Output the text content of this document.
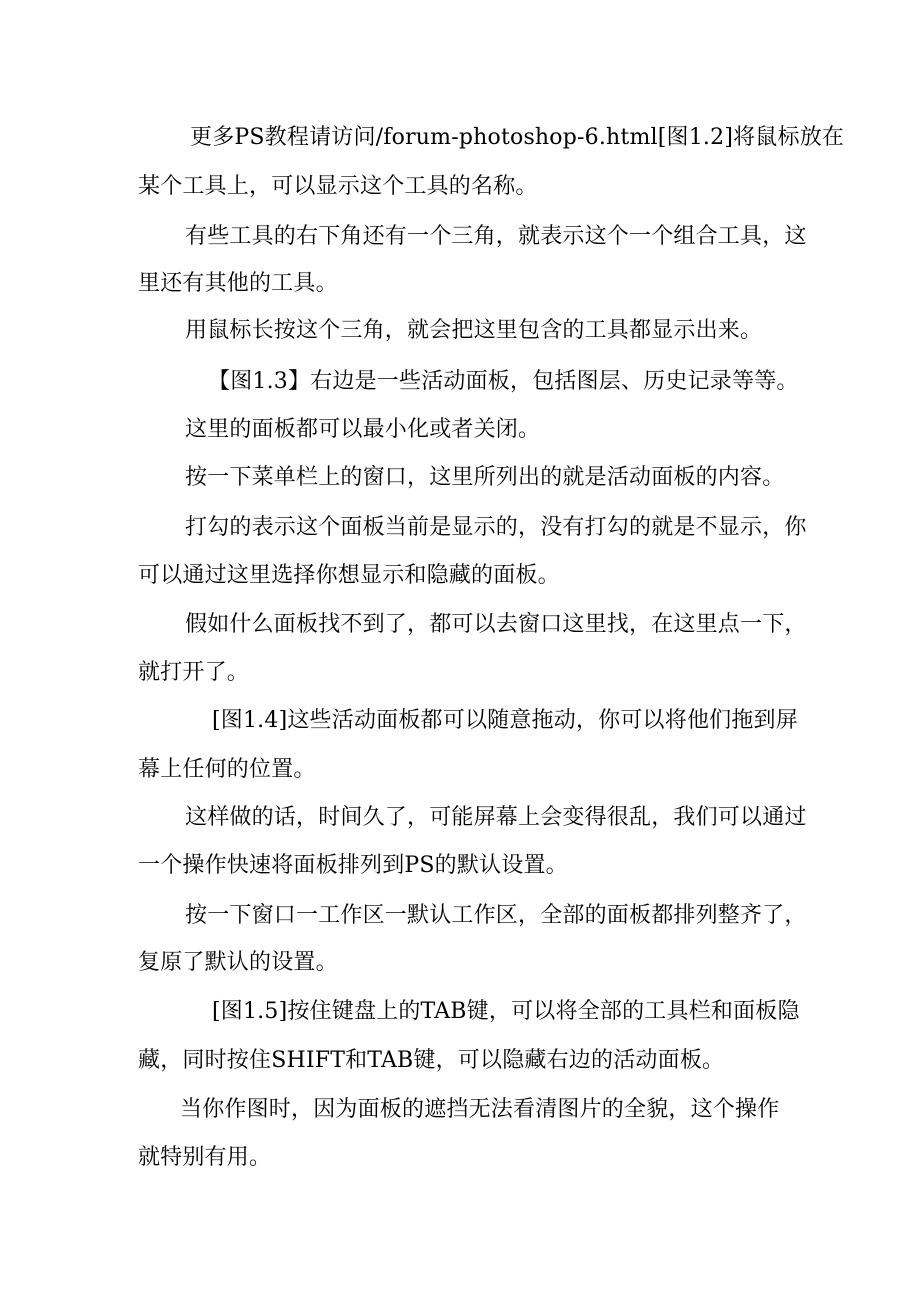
更多PS教程请访问/forum-photoshop-6.html[图1.2]将鼠标放在
某个工具上，可以显示这个工具的名称。
有些工具的右下角还有一个三角，就表示这个一个组合工具，这
里还有其他的工具。
用鼠标长按这个三角，就会把这里包含的工具都显示出来。
【图1.3】右边是一些活动面板，包括图层、历史记录等等。
这里的面板都可以最小化或者关闭。
按一下菜单栏上的窗口，这里所列出的就是活动面板的内容。
打勾的表示这个面板当前是显示的，没有打勾的就是不显示，你
可以通过这里选择你想显示和隐藏的面板。
假如什么面板找不到了，都可以去窗口这里找，在这里点一下，
就打开了。
[图1.4]这些活动面板都可以随意拖动，你可以将他们拖到屏
幕上任何的位置。
这样做的话，时间久了，可能屏幕上会变得很乱，我们可以通过
一个操作快速将面板排列到PS的默认设置。
按一下窗口一工作区一默认工作区，全部的面板都排列整齐了，
复原了默认的设置。
[图1.5]按住键盘上的TAB键，可以将全部的工具栏和面板隐
藏，同时按住SHIFT和TAB键，可以隐藏右边的活动面板。
当你作图时，因为面板的遮挡无法看清图片的全貌，这个操作
就特别有用。
